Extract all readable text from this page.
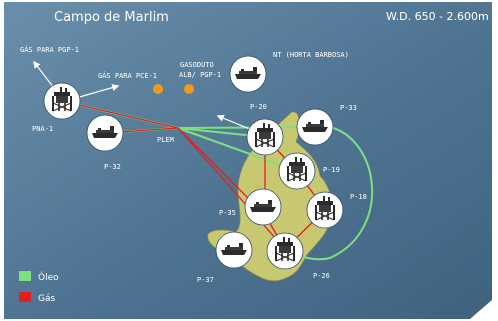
Campo de Marlim	W.D. 650 - 2.600m
GÁS PARA PGP-1
GÁS PARA PCE-1
GASODUTO
ALB/ PGP-1
NT (HORTA BARBOSA)
PNA-1
P-32
PLEM
P-20	P-33
P-19
P-18
P-35
P-26
P-37
Óleo
Gás
